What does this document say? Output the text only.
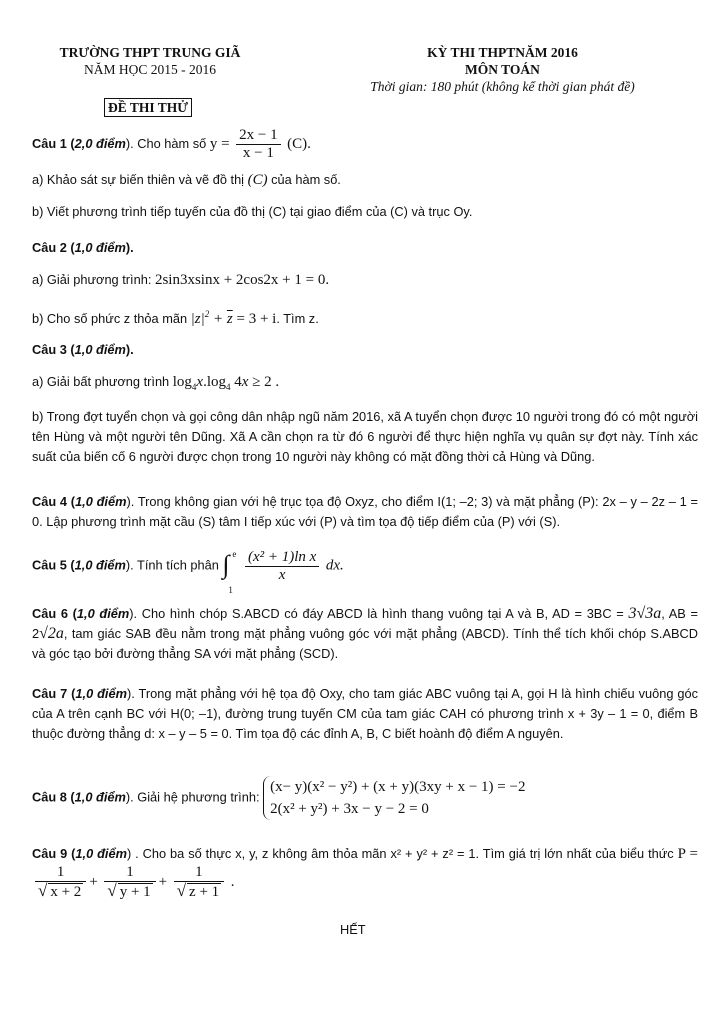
TRƯỜNG THPT TRUNG GIÃ
NĂM HỌC 2015 - 2016
KỲ THI THPTNĂM 2016
MÔN TOÁN
Thời gian: 180 phút (không kể thời gian phát đề)
ĐỀ THI THỬ
Câu 1 (2,0 điểm). Cho hàm số $y = \frac{2x - 1}{x - 1} (C)$.
a) Khảo sát sự biến thiên và vẽ đồ thị (C) của hàm số.
b) Viết phương trình tiếp tuyến của đồ thị (C) tại giao điểm của (C) và trục Oy.
Câu 2 (1,0 điểm).
a) Giải phương trình: 2sin3xsinx + 2cos2x + 1 = 0.
b) Cho số phức z thỏa mãn $|z|^2 + \overline{z} = 3 + i$. Tìm z.
Câu 3 (1,0 điểm).
a) Giải bất phương trình $\log_4x.\log_4$ 4x ≥ 2 .
b) Trong đợt tuyển chọn và gọi công dân nhập ngũ năm 2016, xã A tuyển chọn được 10 người trong đó có một người tên Hùng và một người tên Dũng. Xã A cần chọn ra từ đó 6 người để thực hiện nghĩa vụ quân sự đợt này. Tính xác suất của biến cố 6 người được chọn trong 10 người này không có mặt đồng thời cả Hùng và Dũng.
Câu 4 (1,0 điểm). Trong không gian với hệ trục tọa độ Oxyz, cho điểm I(1; –2; 3) và mặt phẳng (P): 2x – y – 2z – 1 = 0. Lập phương trình mặt cầu (S) tâm I tiếp xúc với (P) và tìm tọa độ tiếp điểm của (P) với (S).
Câu 5 (1,0 điểm). Tính tích phân ∫ e
1

$\frac{\text{(x² + 1)ln x}}{x}$ dx.
Câu 6 (1,0 điểm). Cho hình chóp S.ABCD có đáy ABCD là hình thang vuông tại A và B, AD = 3BC = 3√3a, AB = 2√2a, tam giác SAB đều nằm trong mặt phẳng vuông góc với mặt phẳng (ABCD). Tính thể tích khối chóp S.ABCD và góc tạo bởi đường thẳng SA với mặt phẳng (SCD).
Câu 7 (1,0 điểm). Trong mặt phẳng với hệ tọa độ Oxy, cho tam giác ABC vuông tại A, gọi H là hình chiếu vuông góc của A trên cạnh BC với H(0; –1), đường trung tuyến CM của tam giác CAH có phương trình x + 3y – 1 = 0, điểm B thuộc đường thẳng d: x – y – 5 = 0. Tìm tọa độ các đỉnh A, B, C biết hoành độ điểm A nguyên.
Câu 8 (1,0 điểm). Giải hệ phương trình:
(x− y)(x² − y²) + (x + y)(3xy + x − 1) = −2
2(x² + y²) + 3x − y − 2 = 0
Câu 9 (1,0 điểm) . Cho ba số thực x, y, z không âm thỏa mãn x² + y² + z² = 1. Tìm giá trị lớn nhất của biểu thức P =
$\frac{1}{√ x + 2} + \frac{1}{√ y + 1} + \frac{1}{√ z + 1}$ .
HẾT
